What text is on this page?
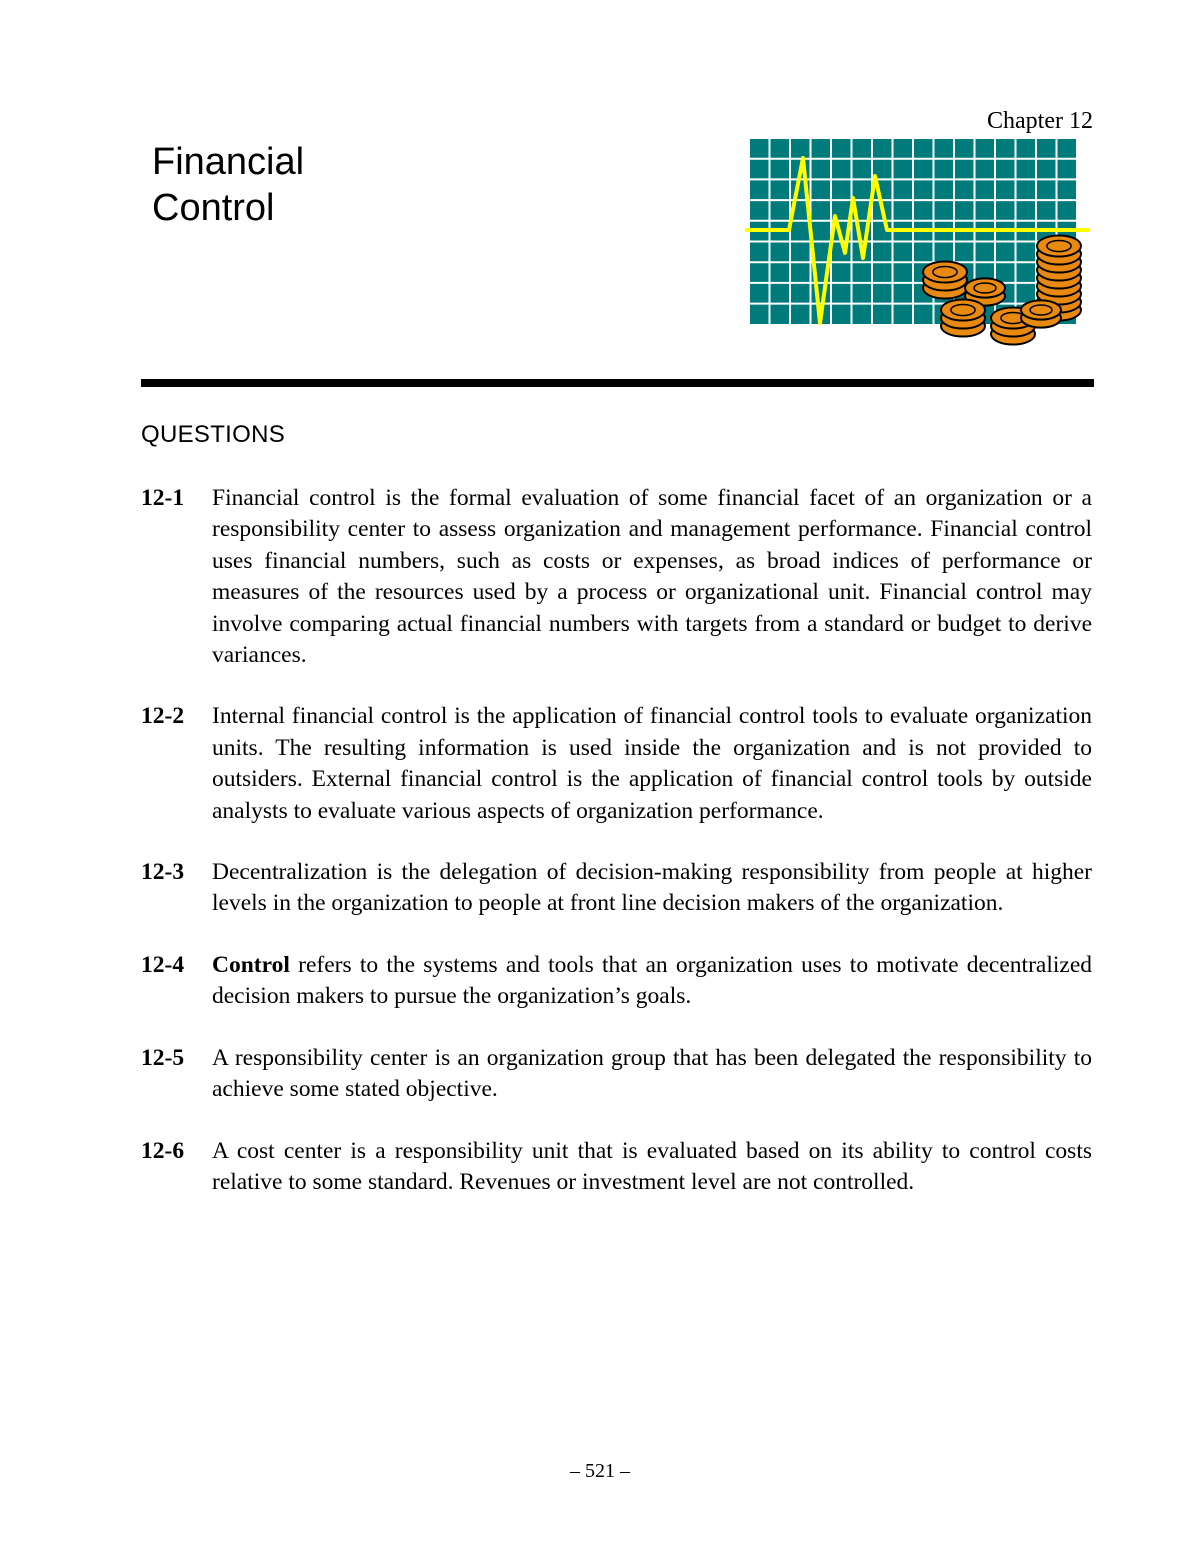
Chapter 12
Financial
Control
QUESTIONS
12-1	Financial control is the formal evaluation of some financial facet of an organization or a responsibility center to assess organization and management performance. Financial control uses financial numbers, such as costs or expenses, as broad indices of performance or measures of the resources used by a process or organizational unit. Financial control may involve comparing actual financial numbers with targets from a standard or budget to derive variances.
12-2	Internal financial control is the application of financial control tools to evaluate organization units. The resulting information is used inside the organization and is not provided to outsiders. External financial control is the application of financial control tools by outside analysts to evaluate various aspects of organization performance.
12-3	Decentralization is the delegation of decision-making responsibility from people at higher levels in the organization to people at front line decision makers of the organization.
12-4	Control refers to the systems and tools that an organization uses to motivate decentralized decision makers to pursue the organization’s goals.
12-5	A responsibility center is an organization group that has been delegated the responsibility to achieve some stated objective.
12-6	A cost center is a responsibility unit that is evaluated based on its ability to control costs relative to some standard. Revenues or investment level are not controlled.
– 521 –
